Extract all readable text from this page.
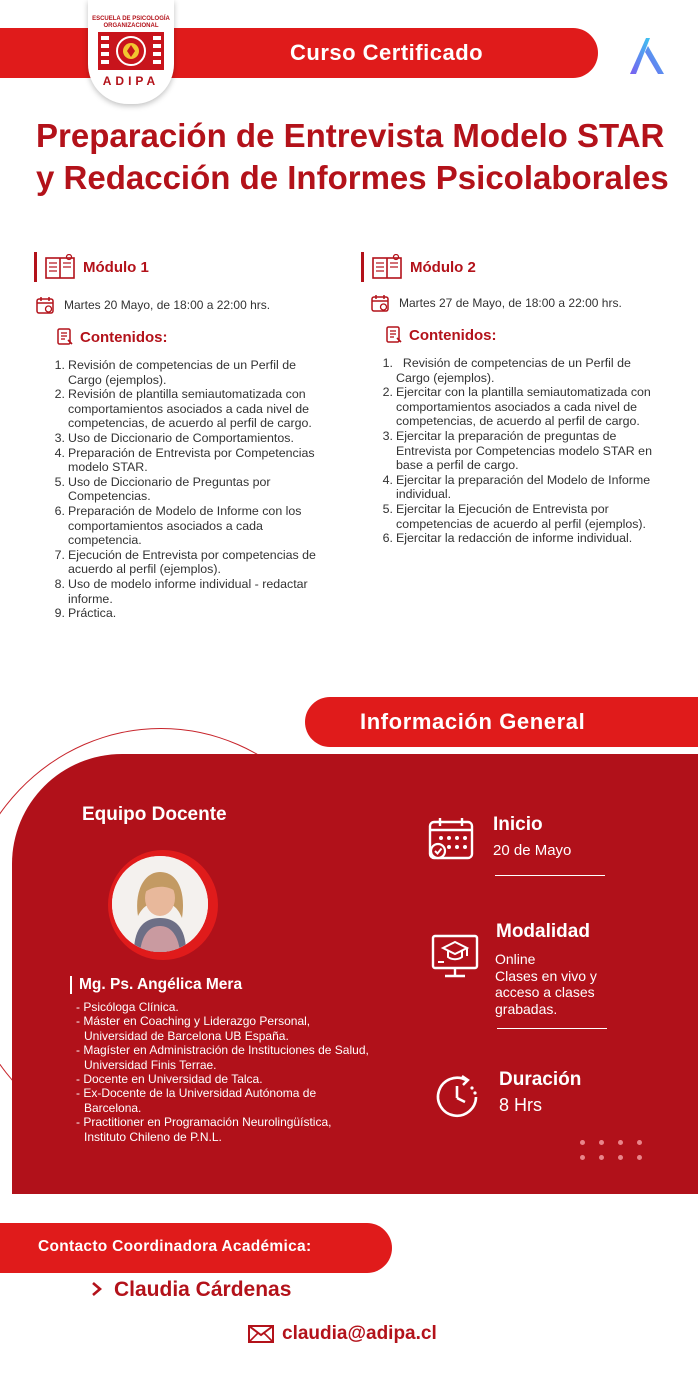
Curso Certificado
ESCUELA DE PSICOLOGÍA ORGANIZACIONAL
ADIPA
Preparación de Entrevista Modelo STAR y Redacción de Informes Psicolaborales
Módulo 1
Martes 20 Mayo, de 18:00 a 22:00 hrs.
Contenidos:
1. Revisión de competencias de un Perfil de Cargo (ejemplos).
2. Revisión de plantilla semiautomatizada con comportamientos asociados a cada nivel de competencias, de acuerdo al perfil de cargo.
3. Uso de Diccionario de Comportamientos.
4. Preparación de Entrevista por Competencias modelo STAR.
5. Uso de Diccionario de Preguntas por Competencias.
6. Preparación de Modelo de Informe con los comportamientos asociados a cada competencia.
7. Ejecución de Entrevista por competencias de acuerdo al perfil (ejemplos).
8. Uso de modelo informe individual - redactar informe.
9. Práctica.
Módulo 2
Martes 27 de Mayo, de 18:00 a 22:00 hrs.
Contenidos:
1. Revisión de competencias de un Perfil de Cargo (ejemplos).
2. Ejercitar con la plantilla semiautomatizada con comportamientos asociados a cada nivel de competencias, de acuerdo al perfil de cargo.
3. Ejercitar la preparación de preguntas de Entrevista por Competencias modelo STAR en base a perfil de cargo.
4. Ejercitar la preparación del Modelo de Informe individual.
5. Ejercitar la Ejecución de Entrevista por competencias de acuerdo al perfil (ejemplos).
6. Ejercitar la redacción de informe individual.
Información General
Equipo Docente
Mg. Ps. Angélica Mera
- Psicóloga Clínica.
- Máster en Coaching y Liderazgo Personal, Universidad de Barcelona UB España.
- Magíster en Administración de Instituciones de Salud, Universidad Finis Terrae.
- Docente en Universidad de Talca.
- Ex-Docente de la Universidad Autónoma de Barcelona.
- Practitioner en Programación Neurolingüística, Instituto Chileno de P.N.L.
Inicio
20 de Mayo
Modalidad
Online
Clases en vivo y
acceso a clases
grabadas.
Duración
8 Hrs
Contacto Coordinadora Académica:
Claudia Cárdenas
claudia@adipa.cl
